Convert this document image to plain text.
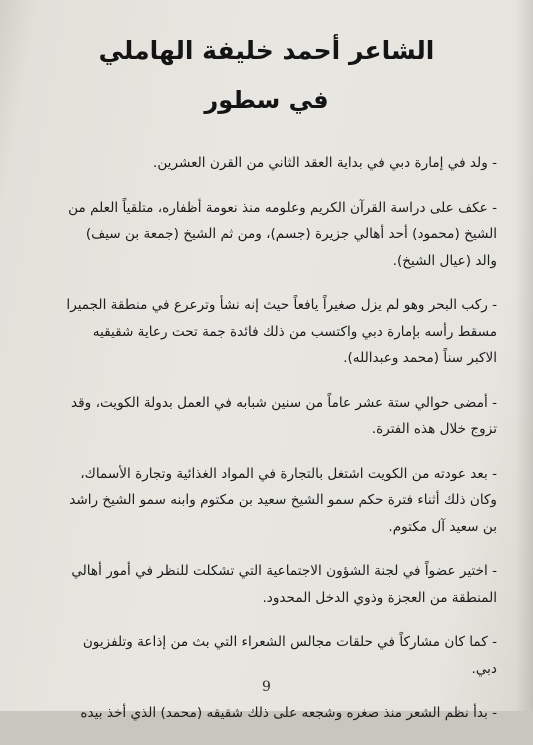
الشاعر أحمد خليفة الهاملي
في سطور
- ولد في إمارة دبي في بداية العقد الثاني من القرن العشرين.
- عكف على دراسة القرآن الكريم وعلومه منذ نعومة أظفاره، متلقياً العلم من
الشيخ (محمود) أحد أهالي جزيرة (جسم)، ومن ثم الشيخ (جمعة بن سيف)
والد (عيال الشيخ).
- ركب البحر وهو لم يزل صغيراً يافعاً حيث إنه نشأ وترعرع في منطقة الجميرا
مسقط رأسه بإمارة دبي واكتسب من ذلك فائدة جمة تحت رعاية شقيقيه
الاكبر سناً (محمد وعبدالله).
- أمضى حوالي ستة عشر عاماً من سنين شبابه في العمل بدولة الكويت، وقد
تزوج خلال هذه الفترة.
- بعد عودته من الكويت اشتغل بالتجارة في المواد الغذائية وتجارة الأسماك،
وكان ذلك أثناء فترة حكم سمو الشيخ سعيد بن مكتوم وابنه سمو الشيخ راشد
بن سعيد آل مكتوم.
- اختير عضواً في لجنة الشؤون الاجتماعية التي تشكلت للنظر في أمور أهالي
المنطقة من العجزة وذوي الدخل المحدود.
- كما كان مشاركاً في حلقات مجالس الشعراء التي بث من إذاعة وتلفزيون
دبي.
- بدأ نظم الشعر منذ صغره وشجعه على ذلك شقيقه (محمد) الذي أخذ بيده
9
